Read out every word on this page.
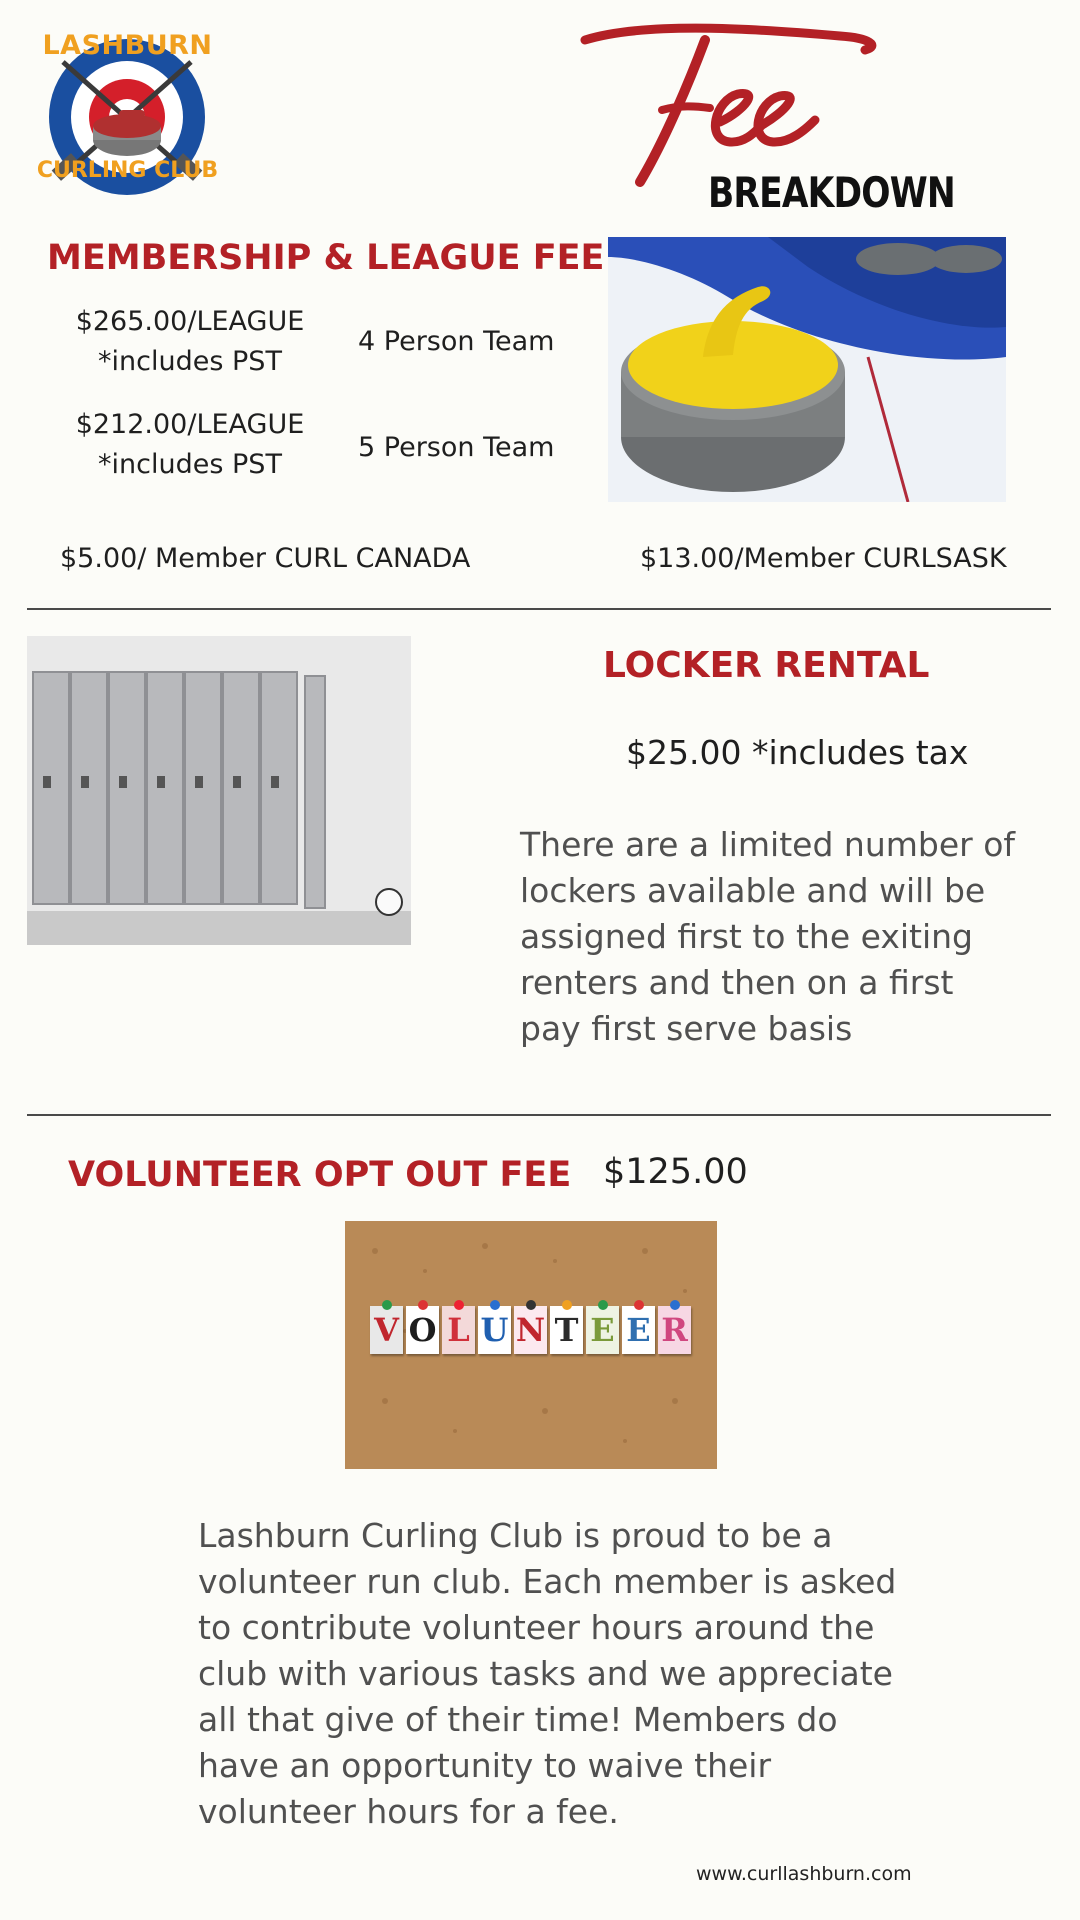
LASHBURN
CURLING CLUB	BREAKDOWN
MEMBERSHIP & LEAGUE FEE
$265.00/LEAGUE
*includes PST
4 Person Team
$212.00/LEAGUE
*includes PST
5 Person Team
$5.00/ Member CURL CANADA	$13.00/Member CURLSASK
LOCKER RENTAL
$25.00 *includes tax
There are a limited number of
lockers available and will be
assigned first to the exiting
renters and then on a first
pay first serve basis
VOLUNTEER OPT OUT FEE $125.00
V O L U N T E E R
Lashburn Curling Club is proud to be a
volunteer run club. Each member is asked
to contribute volunteer hours around the
club with various tasks and we appreciate
all that give of their time! Members do
have an opportunity to waive their
volunteer hours for a fee.
www.curllashburn.com
